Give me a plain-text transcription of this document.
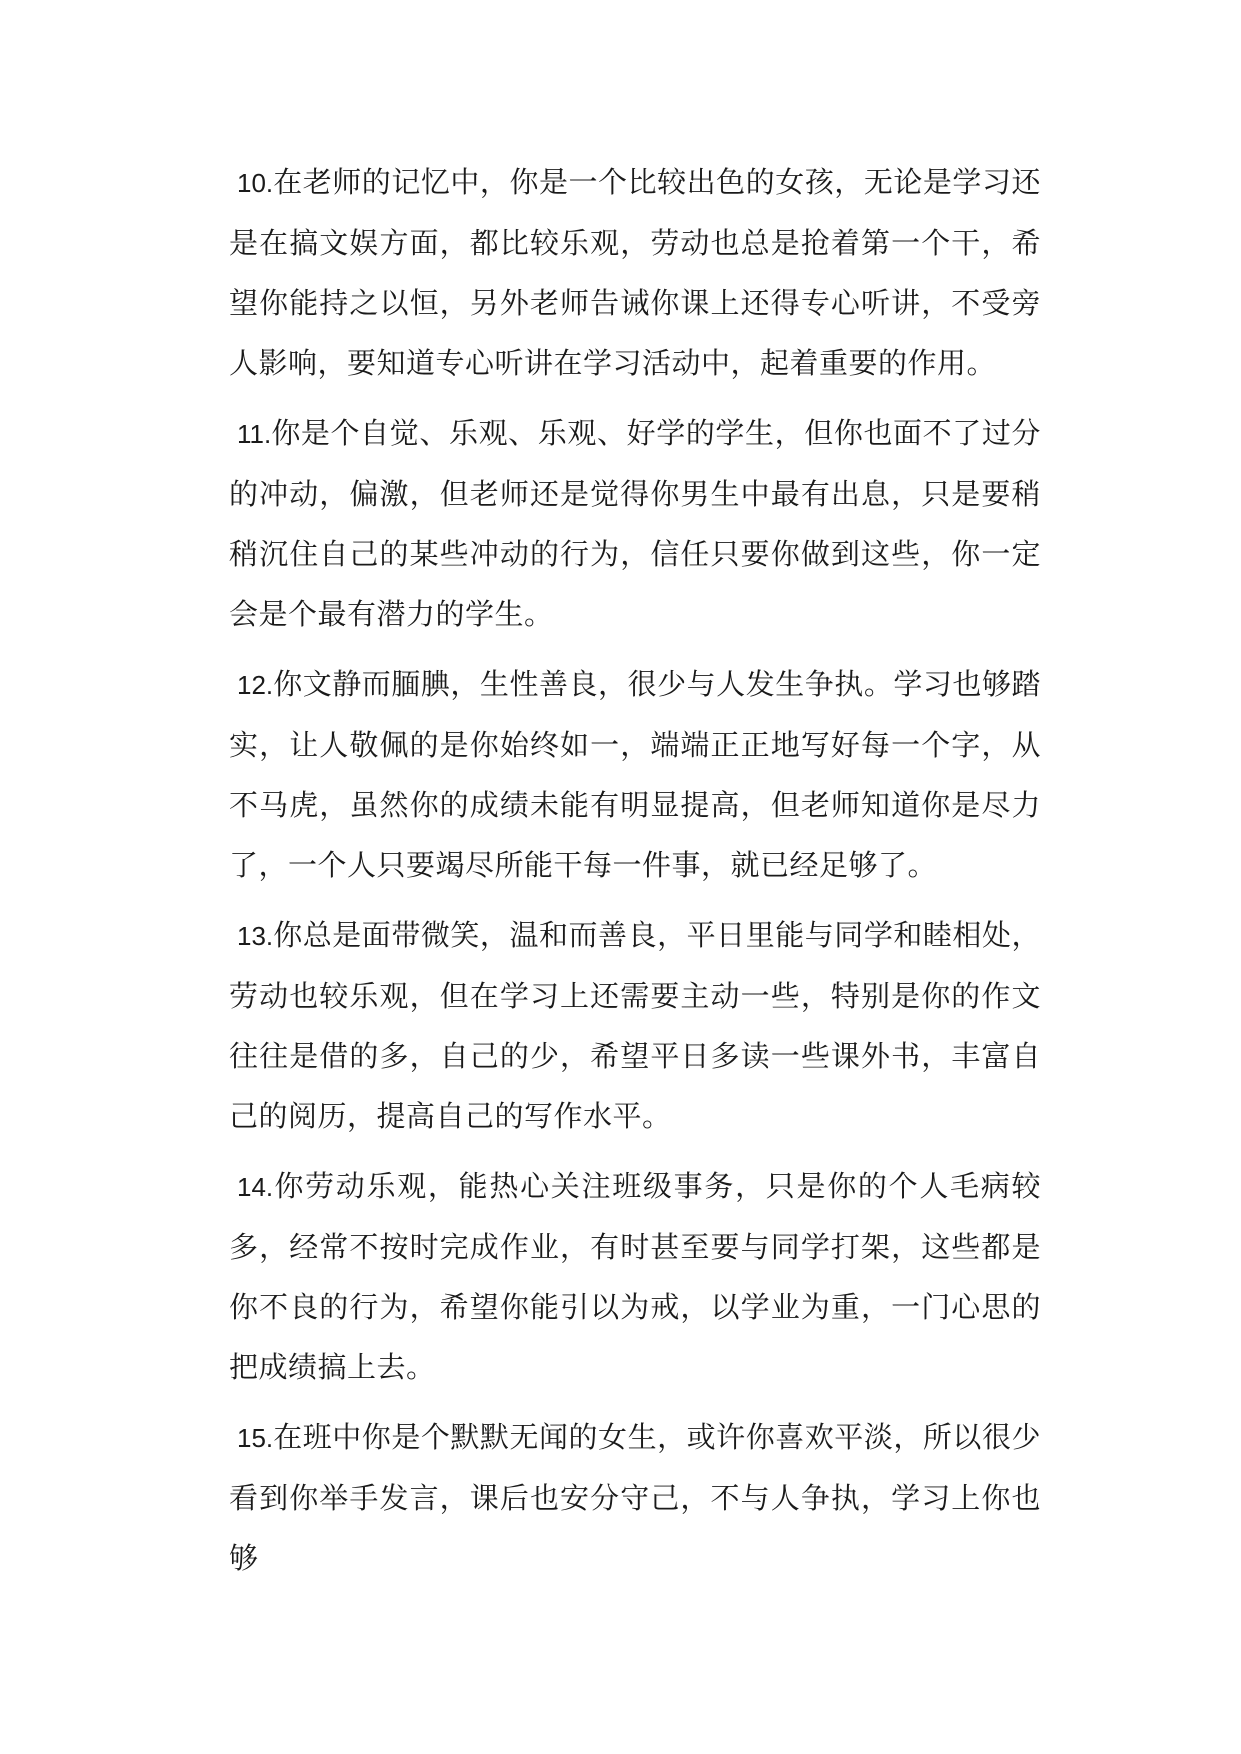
10.在老师的记忆中，你是一个比较出色的女孩，无论是学习还是在搞文娱方面，都比较乐观，劳动也总是抢着第一个干，希望你能持之以恒，另外老师告诫你课上还得专心听讲，不受旁人影响，要知道专心听讲在学习活动中，起着重要的作用。

11.你是个自觉、乐观、乐观、好学的学生，但你也面不了过分的冲动，偏激，但老师还是觉得你男生中最有出息，只是要稍稍沉住自己的某些冲动的行为，信任只要你做到这些，你一定会是个最有潜力的学生。

12.你文静而腼腆，生性善良，很少与人发生争执。学习也够踏实，让人敬佩的是你始终如一，端端正正地写好每一个字，从不马虎，虽然你的成绩未能有明显提高，但老师知道你是尽力了，一个人只要竭尽所能干每一件事，就已经足够了。

13.你总是面带微笑，温和而善良，平日里能与同学和睦相处，劳动也较乐观，但在学习上还需要主动一些，特别是你的作文往往是借的多，自己的少，希望平日多读一些课外书，丰富自己的阅历，提高自己的写作水平。

14.你劳动乐观，能热心关注班级事务，只是你的个人毛病较多，经常不按时完成作业，有时甚至要与同学打架，这些都是你不良的行为，希望你能引以为戒，以学业为重，一门心思的把成绩搞上去。

15.在班中你是个默默无闻的女生，或许你喜欢平淡，所以很少看到你举手发言，课后也安分守己，不与人争执，学习上你也够
